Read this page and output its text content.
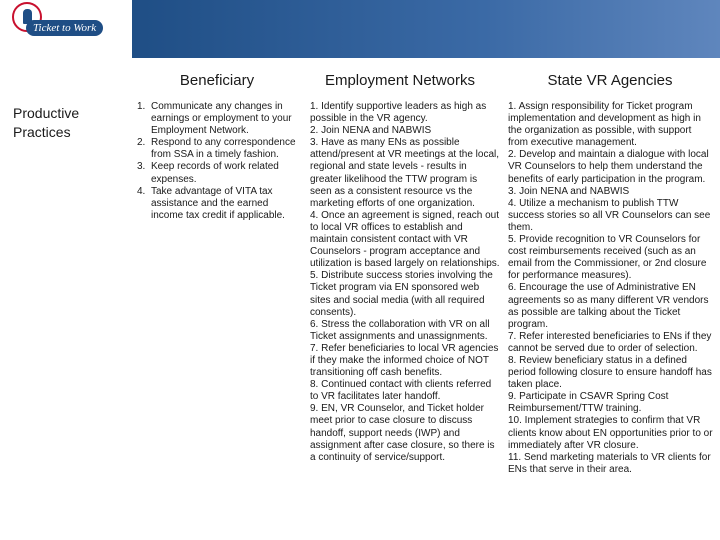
Ticket to Work
Beneficiary	Employment Networks	State VR Agencies
Productive Practices
1. Communicate any changes in earnings or employment to your Employment Network.
2. Respond to any correspondence from SSA in a timely fashion.
3. Keep records of work related expenses.
4. Take advantage of VITA tax assistance and the earned income tax credit if applicable.

1. Identify supportive leaders as high as possible in the VR agency.

2. Join NENA and NABWIS

3. Have as many ENs as possible attend/present at VR meetings at the local, regional and state levels - results in greater likelihood the TTW program is seen as a consistent resource vs the marketing efforts of one organization.

4. Once an agreement is signed, reach out to local VR offices to establish and maintain consistent contact with VR Counselors - program acceptance and utilization is based largely on relationships.

5. Distribute success stories involving the Ticket program via EN sponsored web sites and social media (with all required consents).

6. Stress the collaboration with VR on all Ticket assignments and unassignments.

7. Refer beneficiaries to local VR agencies if they make the informed choice of NOT transitioning off cash benefits.

8. Continued contact with clients referred to VR facilitates later handoff.

9. EN, VR Counselor, and Ticket holder meet prior to case closure to discuss handoff, support needs (IWP) and assignment after case closure, so there is a continuity of service/support.

1. Assign responsibility for Ticket program implementation and development as high in the organization as possible, with support from executive management.

2. Develop and maintain a dialogue with local VR Counselors to help them understand the benefits of early participation in the program.

3. Join NENA and NABWIS

4. Utilize a mechanism to publish TTW success stories so all VR Counselors can see them.

5. Provide recognition to VR Counselors for cost reimbursements received (such as an email from the Commissioner, or 2nd closure for performance measures).

6. Encourage the use of Administrative EN agreements so as many different VR vendors as possible are talking about the Ticket program.

7. Refer interested beneficiaries to ENs if they cannot be served due to order of selection.

8. Review beneficiary status in a defined period following closure to ensure handoff has taken place.

9. Participate in CSAVR Spring Cost Reimbursement/TTW training.

10. Implement strategies to confirm that VR clients know about EN opportunities prior to or immediately after VR closure.

11. Send marketing materials to VR clients for ENs that serve in their area.
